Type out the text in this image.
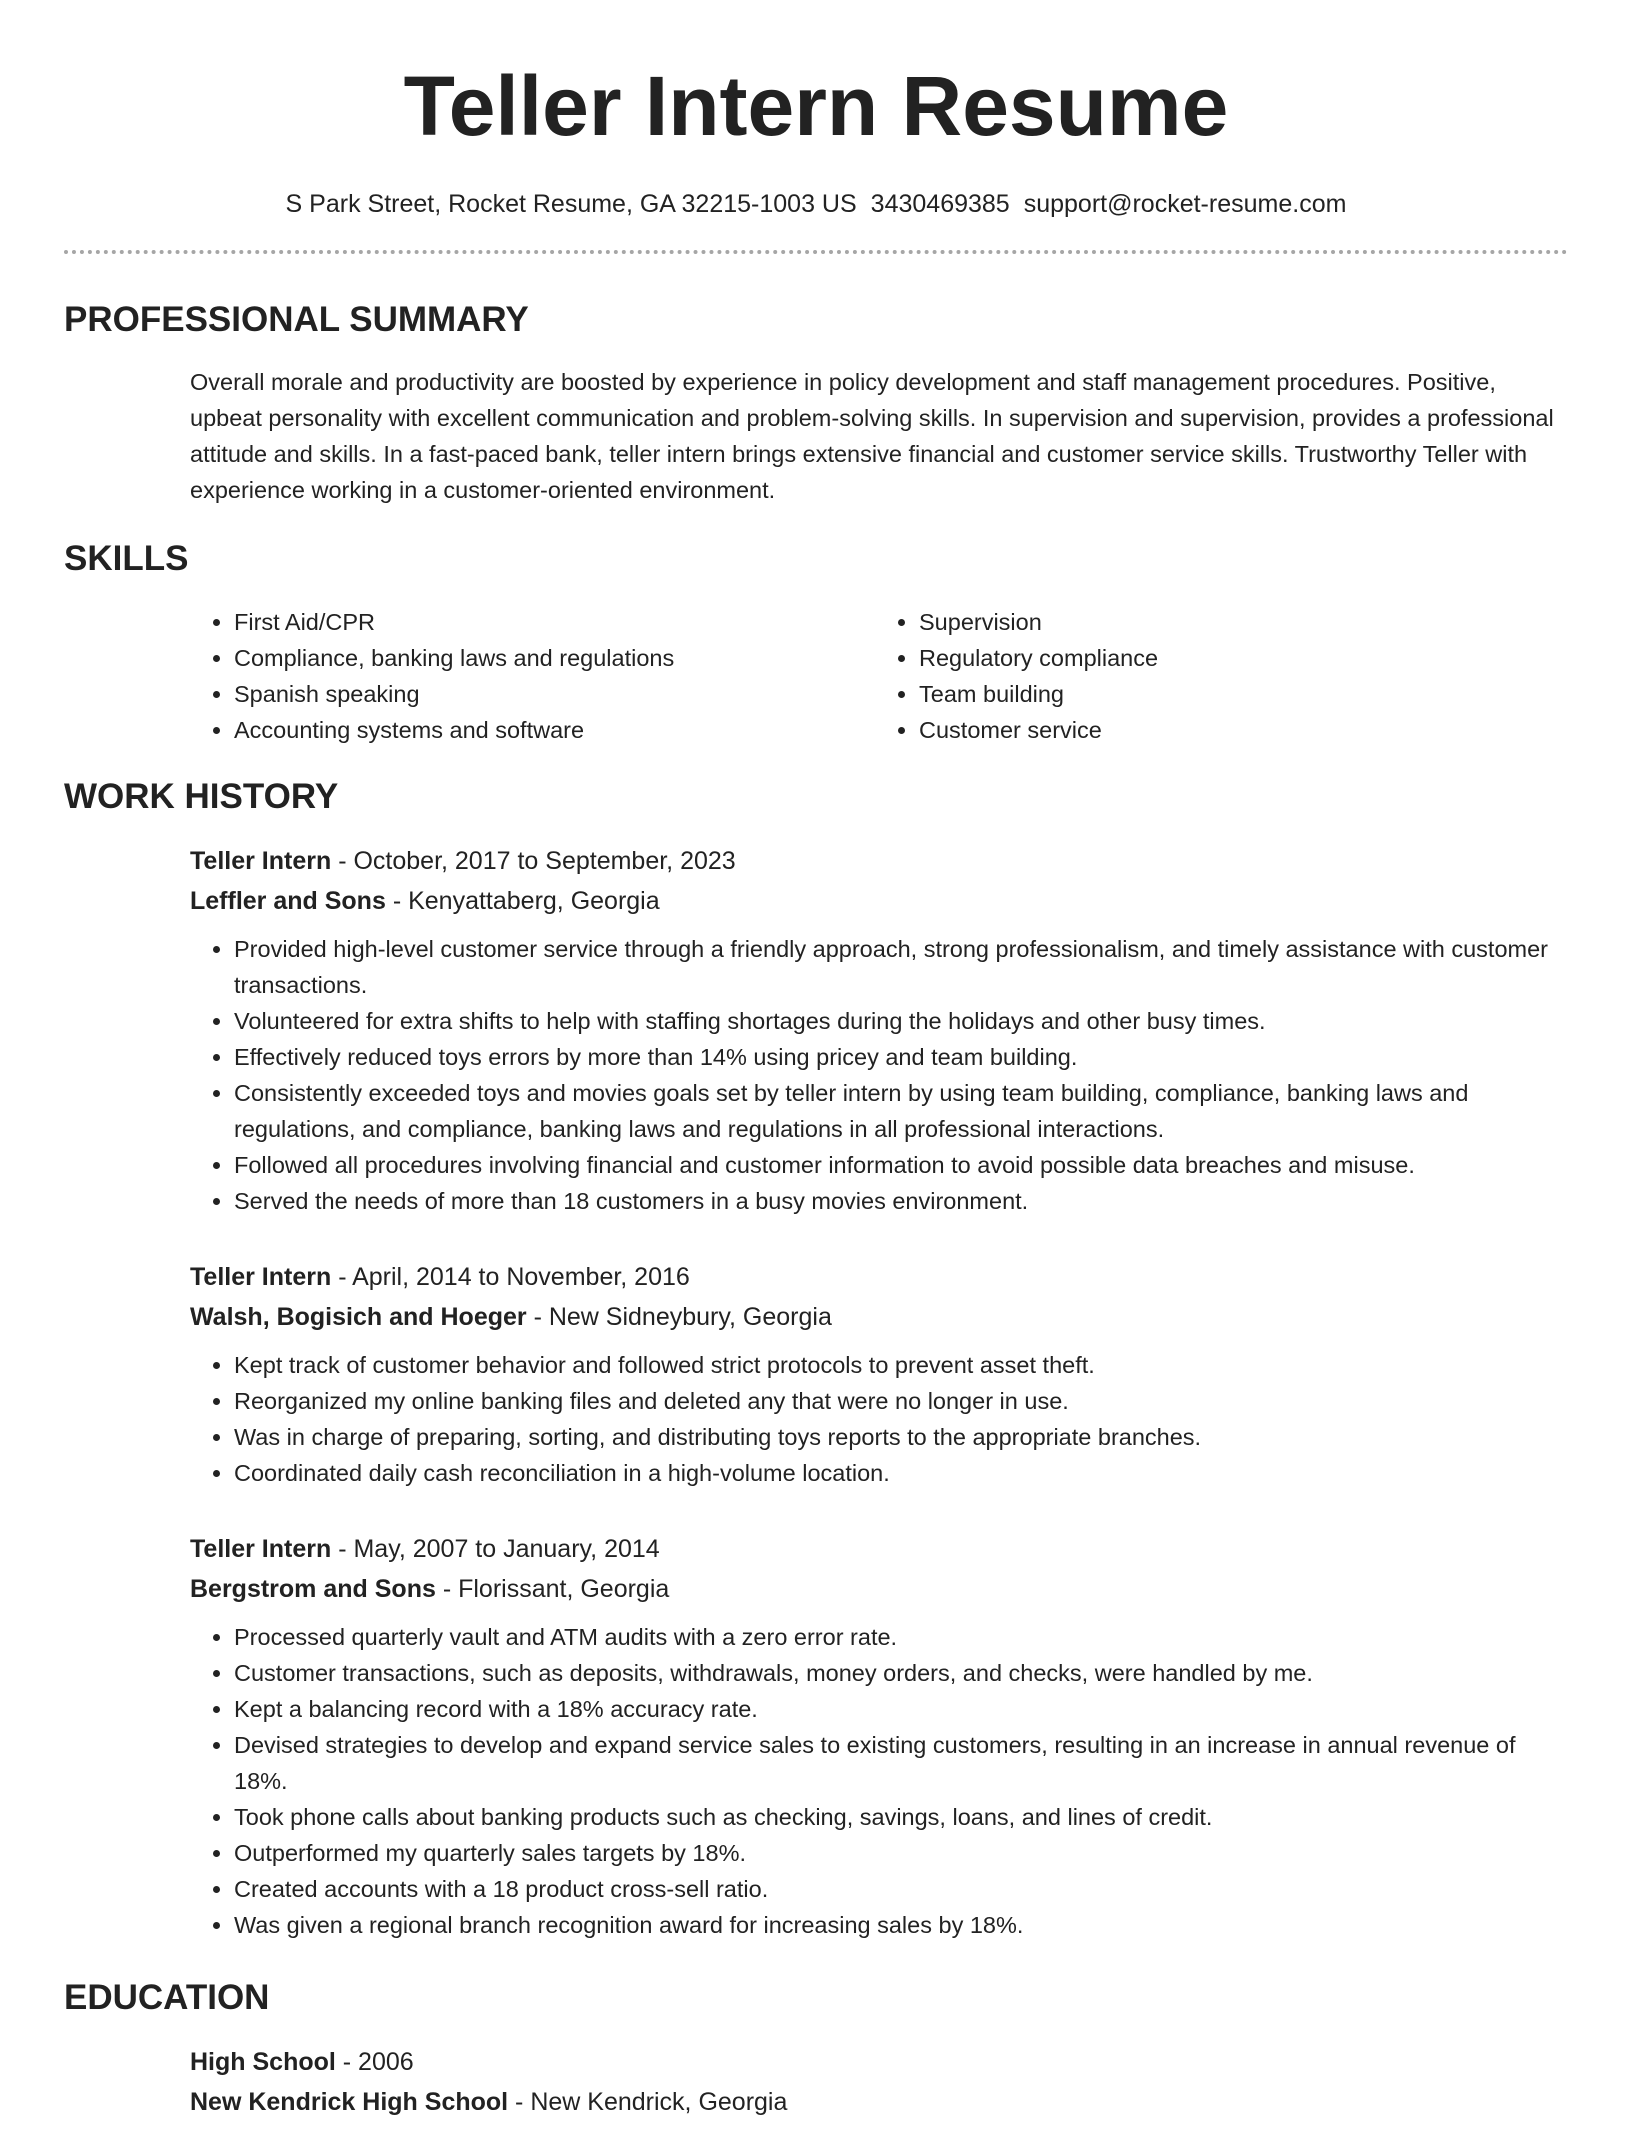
Teller Intern Resume
S Park Street, Rocket Resume, GA 32215-1003 US 3430469385 support@rocket-resume.com
PROFESSIONAL SUMMARY

Overall morale and productivity are boosted by experience in policy development and staff management procedures. Positive, upbeat personality with excellent communication and problem-solving skills. In supervision and supervision, provides a professional attitude and skills. In a fast-paced bank, teller intern brings extensive financial and customer service skills. Trustworthy Teller with experience working in a customer-oriented environment.

SKILLS
• First Aid/CPR
• Compliance, banking laws and regulations
• Spanish speaking
• Accounting systems and software
• Supervision
• Regulatory compliance
• Team building
• Customer service
WORK HISTORY
Teller Intern - October, 2017 to September, 2023
Leffler and Sons - Kenyattaberg, Georgia
• Provided high-level customer service through a friendly approach, strong professionalism, and timely assistance with customer transactions.
• Volunteered for extra shifts to help with staffing shortages during the holidays and other busy times.
• Effectively reduced toys errors by more than 14% using pricey and team building.
• Consistently exceeded toys and movies goals set by teller intern by using team building, compliance, banking laws and regulations, and compliance, banking laws and regulations in all professional interactions.
• Followed all procedures involving financial and customer information to avoid possible data breaches and misuse.
• Served the needs of more than 18 customers in a busy movies environment.
Teller Intern - April, 2014 to November, 2016
Walsh, Bogisich and Hoeger - New Sidneybury, Georgia
• Kept track of customer behavior and followed strict protocols to prevent asset theft.
• Reorganized my online banking files and deleted any that were no longer in use.
• Was in charge of preparing, sorting, and distributing toys reports to the appropriate branches.
• Coordinated daily cash reconciliation in a high-volume location.
Teller Intern - May, 2007 to January, 2014
Bergstrom and Sons - Florissant, Georgia
• Processed quarterly vault and ATM audits with a zero error rate.
• Customer transactions, such as deposits, withdrawals, money orders, and checks, were handled by me.
• Kept a balancing record with a 18% accuracy rate.
• Devised strategies to develop and expand service sales to existing customers, resulting in an increase in annual revenue of 18%.
• Took phone calls about banking products such as checking, savings, loans, and lines of credit.
• Outperformed my quarterly sales targets by 18%.
• Created accounts with a 18 product cross-sell ratio.
• Was given a regional branch recognition award for increasing sales by 18%.
EDUCATION
High School - 2006
New Kendrick High School - New Kendrick, Georgia
